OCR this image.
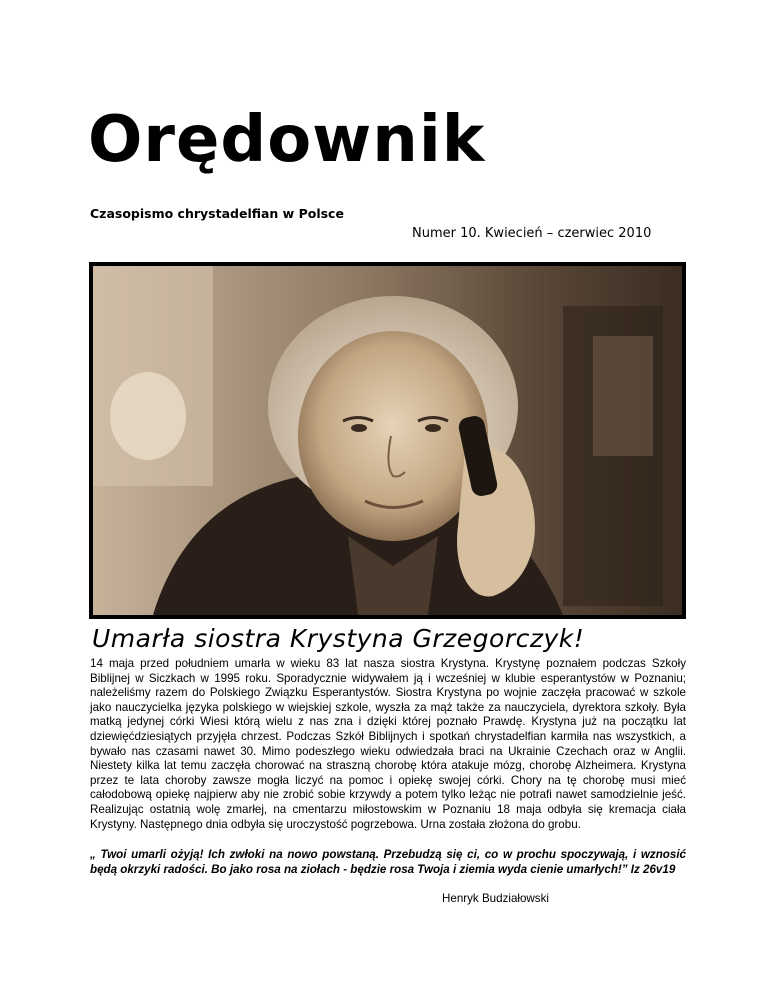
Orędownik
Czasopismo chrystadelfian w Polsce
Numer 10. Kwiecień – czerwiec 2010
Umarła siostra Krystyna Grzegorczyk!

14 maja przed południem umarła w wieku 83 lat nasza siostra Krystyna. Krystynę poznałem podczas Szkoły Biblijnej w Siczkach w 1995 roku. Sporadycznie widywałem ją i wcześniej w klubie esperantystów w Poznaniu; należeliśmy razem do Polskiego Związku Esperantystów. Siostra Krystyna po wojnie zaczęła pracować w szkole jako nauczycielka języka polskiego w wiejskiej szkole, wyszła za mąż także za nauczyciela, dyrektora szkoły. Była matką jedynej córki Wiesi którą wielu z nas zna i dzięki której poznało Prawdę. Krystyna już na początku lat dziewięćdziesiątych przyjęła chrzest. Podczas Szkół Biblijnych i spotkań chrystadelfian karmiła nas wszystkich, a bywało nas czasami nawet 30. Mimo podeszłego wieku odwiedzała braci na Ukrainie Czechach oraz w Anglii. Niestety kilka lat temu zaczęła chorować na straszną chorobę która atakuje mózg, chorobę Alzheimera. Krystyna przez te lata choroby zawsze mogła liczyć na pomoc i opiekę swojej córki. Chory na tę chorobę musi mieć całodobową opiekę najpierw aby nie zrobić sobie krzywdy a potem tylko leżąc nie potrafi nawet samodzielnie jeść. Realizując ostatnią wolę zmarłej, na cmentarzu miłostowskim w Poznaniu 18 maja odbyła się kremacja ciała Krystyny. Następnego dnia odbyła się uroczystość pogrzebowa. Urna została złożona do grobu.

„ Twoi umarli ożyją! Ich zwłoki na nowo powstaną. Przebudzą się ci, co w prochu spoczywają, i wznosić będą okrzyki radości. Bo jako rosa na ziołach - będzie rosa Twoja i ziemia wyda cienie umarłych!” Iz 26v19
Henryk Budziałowski
